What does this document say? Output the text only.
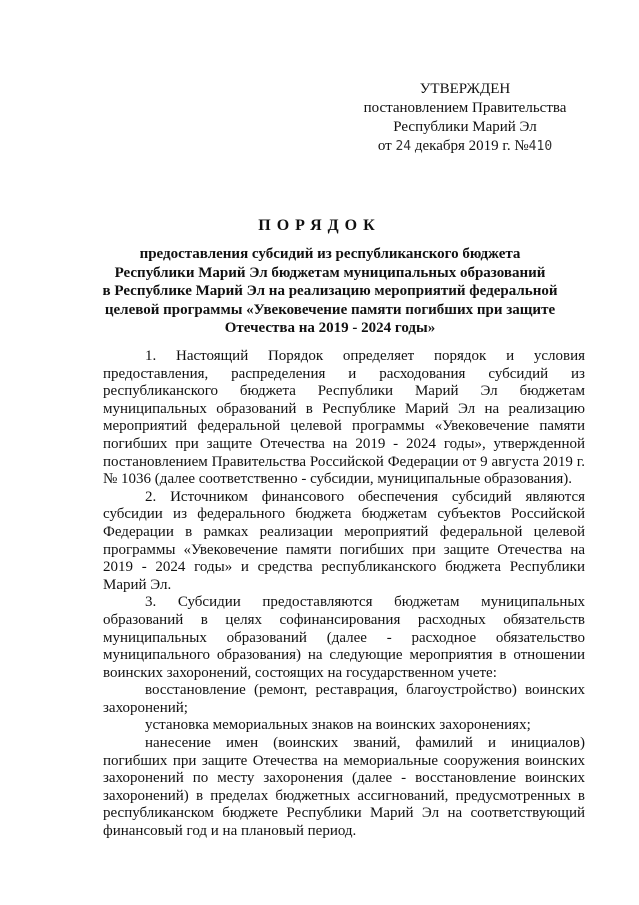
УТВЕРЖДЕН
постановлением Правительства
Республики Марий Эл
от 24 декабря 2019 г. №410
ПОРЯДОК
предоставления субсидий из республиканского бюджета
Республики Марий Эл бюджетам муниципальных образований
в Республике Марий Эл на реализацию мероприятий федеральной
целевой программы «Увековечение памяти погибших при защите
Отечества на 2019 - 2024 годы»

1. Настоящий Порядок определяет порядок и условия предоставления, распределения и расходования субсидий из республиканского бюджета Республики Марий Эл бюджетам муниципальных образований в Республике Марий Эл на реализацию мероприятий федеральной целевой программы «Увековечение памяти погибших при защите Отечества на 2019 - 2024 годы», утвержденной постановлением Правительства Российской Федерации от 9 августа 2019 г. № 1036 (далее соответственно - субсидии, муниципальные образования).

2. Источником финансового обеспечения субсидий являются субсидии из федерального бюджета бюджетам субъектов Российской Федерации в рамках реализации мероприятий федеральной целевой программы «Увековечение памяти погибших при защите Отечества на 2019 - 2024 годы» и средства республиканского бюджета Республики Марий Эл.

3. Субсидии предоставляются бюджетам муниципальных образований в целях софинансирования расходных обязательств муниципальных образований (далее - расходное обязательство муниципального образования) на следующие мероприятия в отношении воинских захоронений, состоящих на государственном учете:

восстановление (ремонт, реставрация, благоустройство) воинских захоронений;

установка мемориальных знаков на воинских захоронениях;

нанесение имен (воинских званий, фамилий и инициалов) погибших при защите Отечества на мемориальные сооружения воинских захоронений по месту захоронения (далее - восстановление воинских захоронений) в пределах бюджетных ассигнований, предусмотренных в республиканском бюджете Республики Марий Эл на соответствующий финансовый год и на плановый период.
